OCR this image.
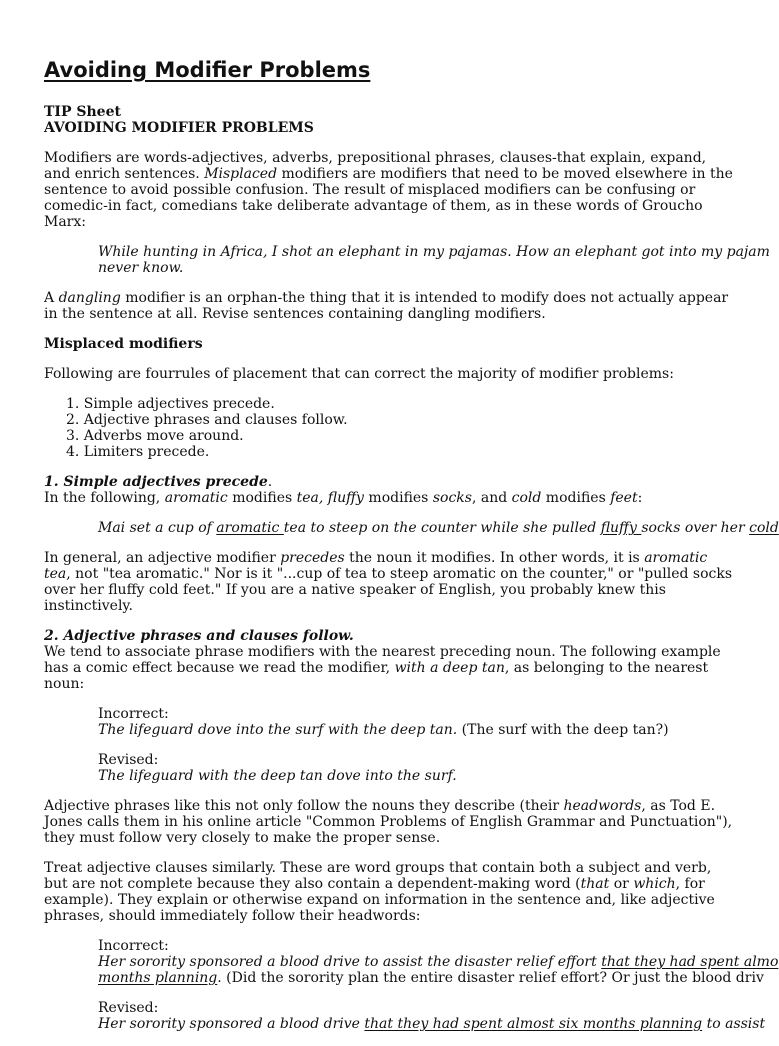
Avoiding Modifier Problems
TIP Sheet
AVOIDING MODIFIER PROBLEMS

Modifiers are words-adjectives, adverbs, prepositional phrases, clauses-that explain, expand, and enrich sentences. Misplaced modifiers are modifiers that need to be moved elsewhere in the sentence to avoid possible confusion. The result of misplaced modifiers can be confusing or comedic-in fact, comedians take deliberate advantage of them, as in these words of Groucho Marx:

While hunting in Africa, I shot an elephant in my pajamas. How an elephant got into my pajam
never know.

A dangling modifier is an orphan-the thing that it is intended to modify does not actually appear in the sentence at all. Revise sentences containing dangling modifiers.

Misplaced modifiers

Following are fourrules of placement that can correct the majority of modifier problems:

1. Simple adjectives precede.
2. Adjective phrases and clauses follow.
3. Adverbs move around.
4. Limiters precede.
1. Simple adjectives precede.
In the following, aromatic modifies tea, fluffy modifies socks, and cold modifies feet:
Mai set a cup of aromatic tea to steep on the counter while she pulled fluffy socks over her cold

In general, an adjective modifier precedes the noun it modifies. In other words, it is aromatic tea, not "tea aromatic." Nor is it "...cup of tea to steep aromatic on the counter," or "pulled socks over her fluffy cold feet." If you are a native speaker of English, you probably knew this instinctively.

2. Adjective phrases and clauses follow.
We tend to associate phrase modifiers with the nearest preceding noun. The following example has a comic effect because we read the modifier, with a deep tan, as belonging to the nearest noun:
Incorrect:
The lifeguard dove into the surf with the deep tan. (The surf with the deep tan?)
Revised:
The lifeguard with the deep tan dove into the surf.

Adjective phrases like this not only follow the nouns they describe (their headwords, as Tod E. Jones calls them in his online article "Common Problems of English Grammar and Punctuation"), they must follow very closely to make the proper sense.

Treat adjective clauses similarly. These are word groups that contain both a subject and verb, but are not complete because they also contain a dependent-making word (that or which, for example). They explain or otherwise expand on information in the sentence and, like adjective phrases, should immediately follow their headwords:

Incorrect:
Her sorority sponsored a blood drive to assist the disaster relief effort that they had spent almo
months planning. (Did the sorority plan the entire disaster relief effort? Or just the blood driv
Revised:
Her sorority sponsored a blood drive that they had spent almost six months planning to assist
